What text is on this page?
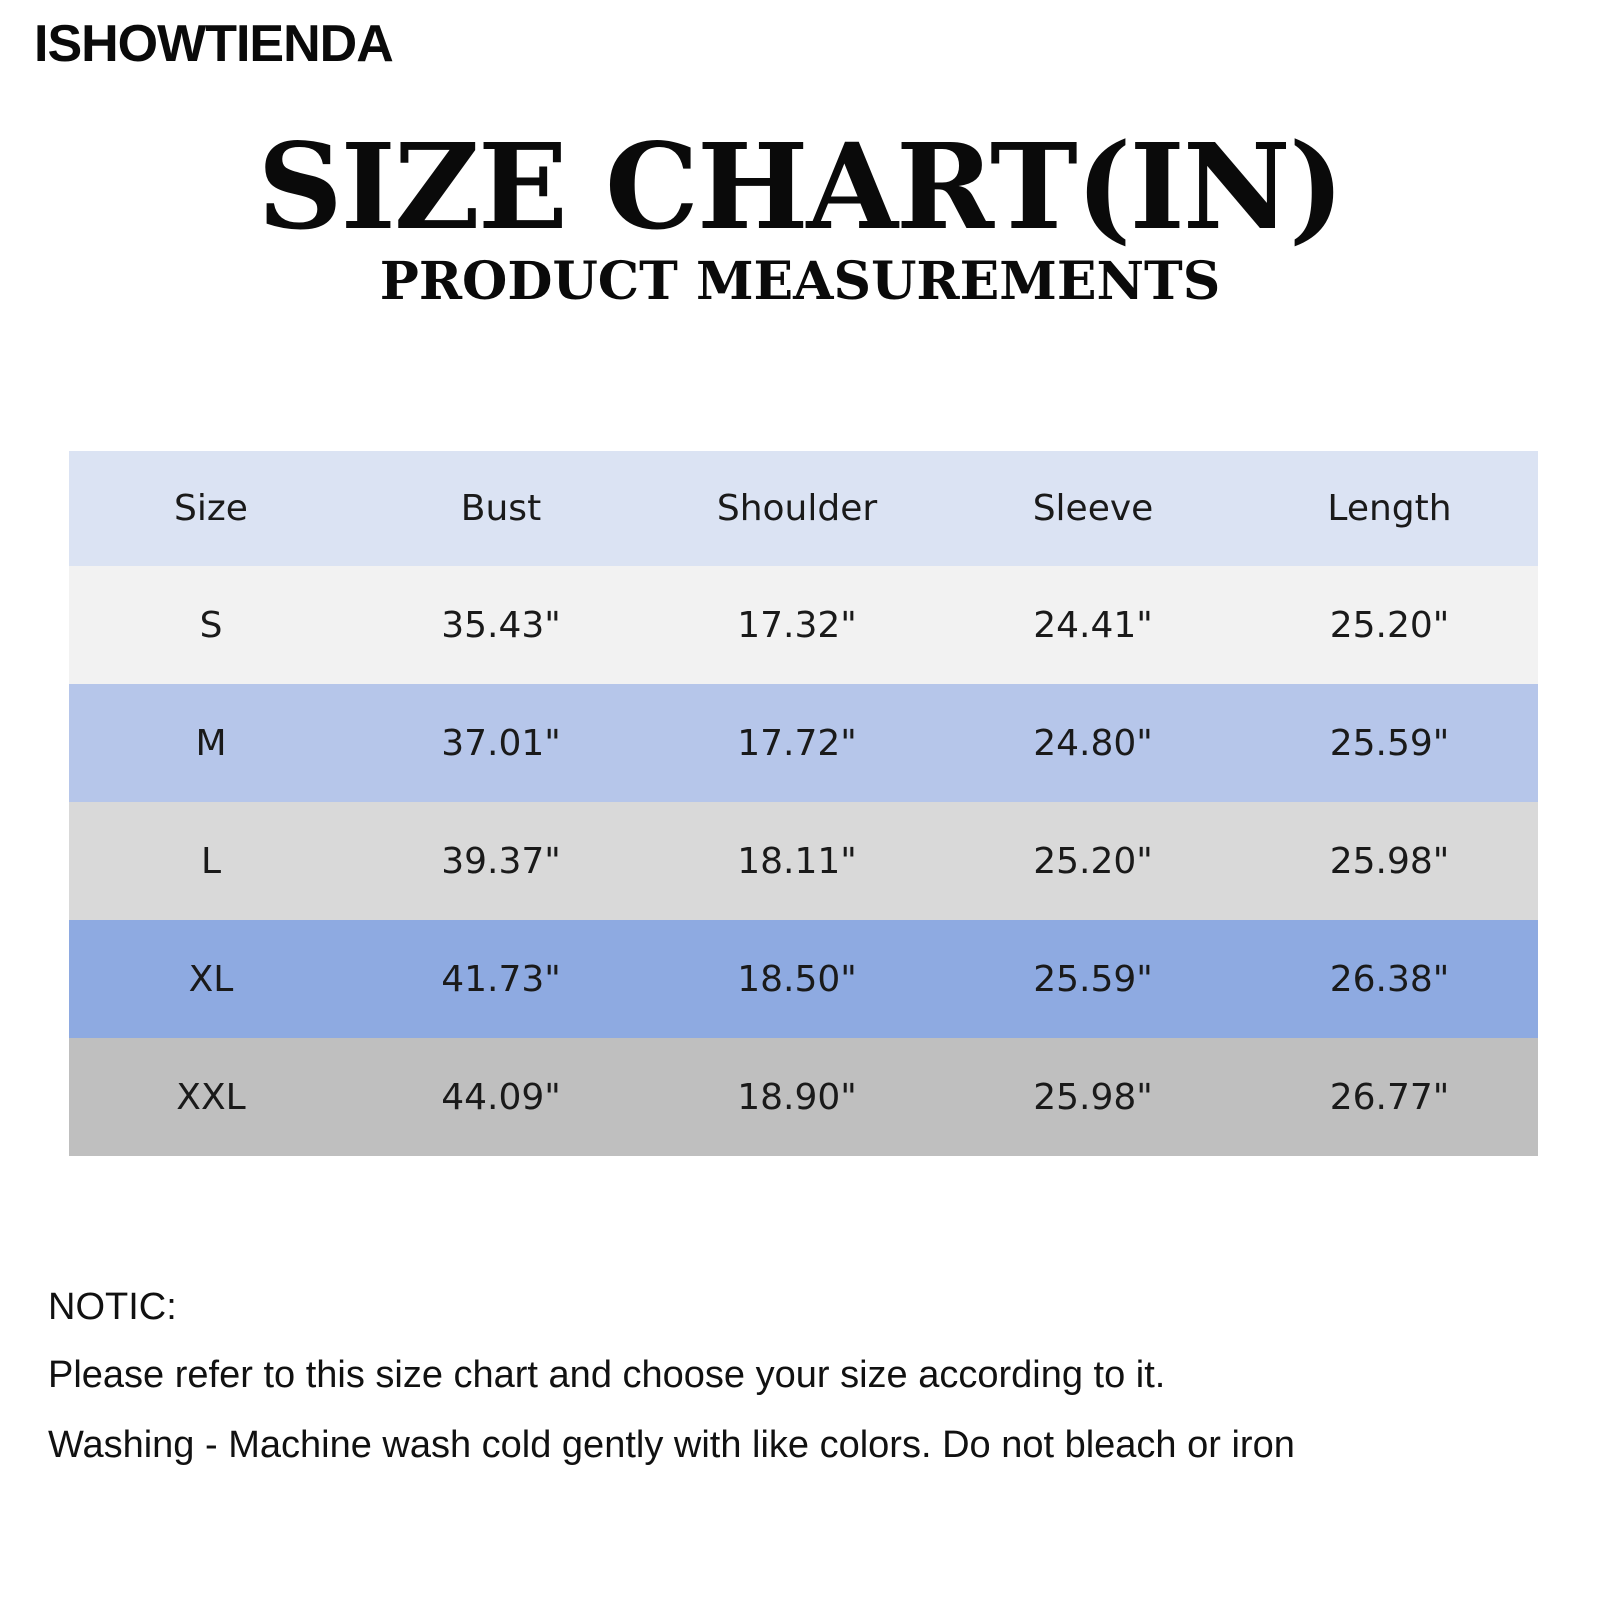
ISHOWTIENDA
SIZE CHART(IN)
PRODUCT MEASUREMENTS
Size	Bust	Shoulder	Sleeve	Length
S	35.43"	17.32"	24.41"	25.20"
M	37.01"	17.72"	24.80"	25.59"
L	39.37"	18.11"	25.20"	25.98"
XL	41.73"	18.50"	25.59"	26.38"
XXL	44.09"	18.90"	25.98"	26.77"
NOTIC:
Please refer to this size chart and choose your size according to it.
Washing - Machine wash cold gently with like colors. Do not bleach or iron
